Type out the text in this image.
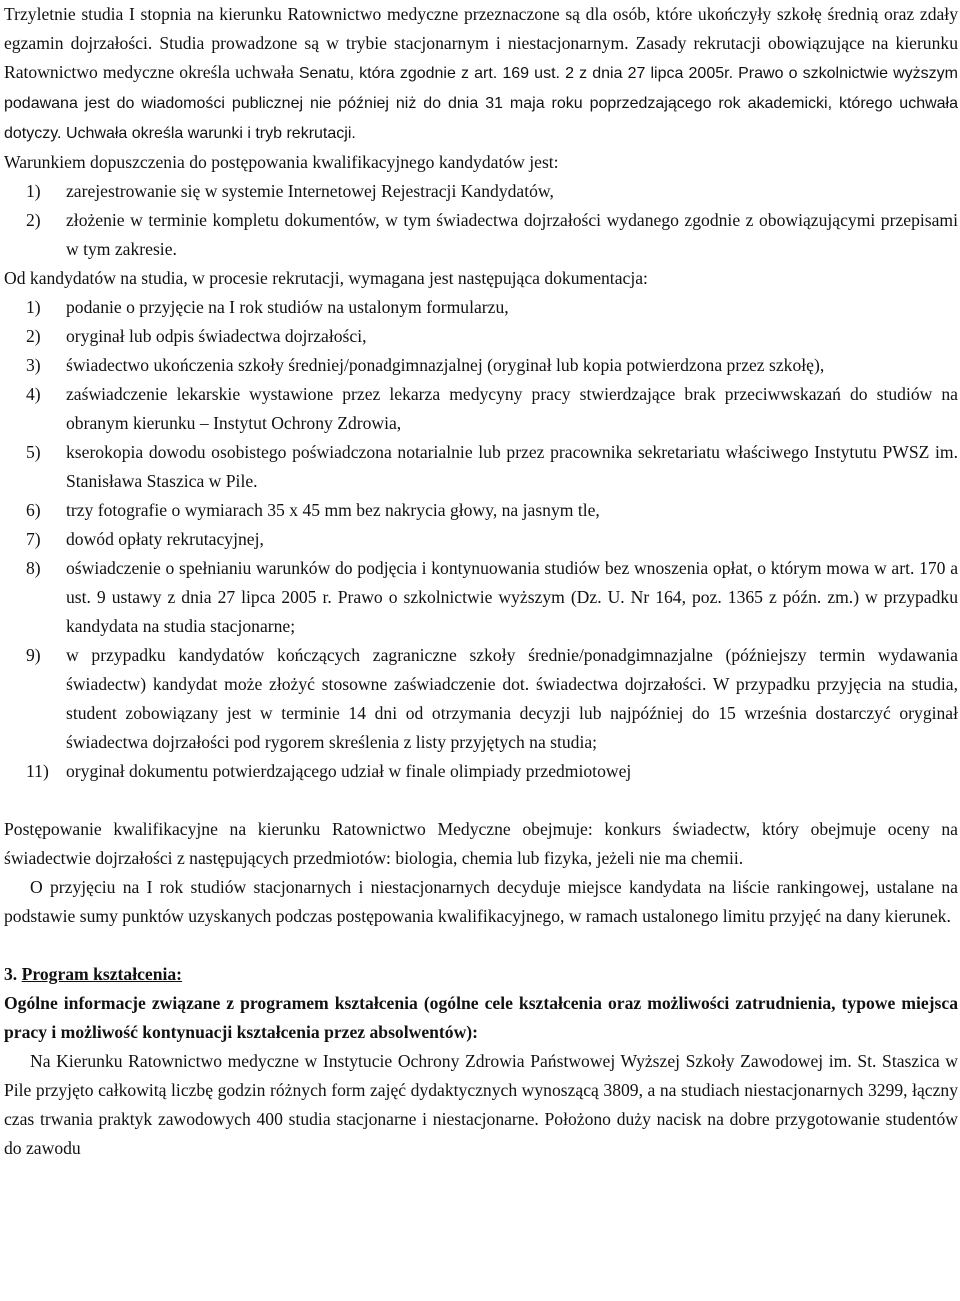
Trzyletnie studia I stopnia na kierunku Ratownictwo medyczne przeznaczone są dla osób, które ukończyły szkołę średnią oraz zdały egzamin dojrzałości. Studia prowadzone są w trybie stacjonarnym i niestacjonarnym. Zasady rekrutacji obowiązujące na kierunku Ratownictwo medyczne określa uchwała Senatu, która zgodnie z art. 169 ust. 2 z dnia 27 lipca 2005r. Prawo o szkolnictwie wyższym podawana jest do wiadomości publicznej nie później niż do dnia 31 maja roku poprzedzającego rok akademicki, którego uchwała dotyczy. Uchwała określa warunki i tryb rekrutacji.

Warunkiem dopuszczenia do postępowania kwalifikacyjnego kandydatów jest:

1) zarejestrowanie się w systemie Internetowej Rejestracji Kandydatów,
2) złożenie w terminie kompletu dokumentów, w tym świadectwa dojrzałości wydanego zgodnie z obowiązującymi przepisami w tym zakresie.

Od kandydatów na studia, w procesie rekrutacji, wymagana jest następująca dokumentacja:

1) podanie o przyjęcie na I rok studiów na ustalonym formularzu,
2) oryginał lub odpis świadectwa dojrzałości,
3) świadectwo ukończenia szkoły średniej/ponadgimnazjalnej (oryginał lub kopia potwierdzona przez szkołę),
4) zaświadczenie lekarskie wystawione przez lekarza medycyny pracy stwierdzające brak przeciwwskazań do studiów na obranym kierunku – Instytut Ochrony Zdrowia,
5) kserokopia dowodu osobistego poświadczona notarialnie lub przez pracownika sekretariatu właściwego Instytutu PWSZ im. Stanisława Staszica w Pile.
6) trzy fotografie o wymiarach 35 x 45 mm bez nakrycia głowy, na jasnym tle,
7) dowód opłaty rekrutacyjnej,
8) oświadczenie o spełnianiu warunków do podjęcia i kontynuowania studiów bez wnoszenia opłat, o którym mowa w art. 170 a ust. 9 ustawy z dnia 27 lipca 2005 r. Prawo o szkolnictwie wyższym (Dz. U. Nr 164, poz. 1365 z późn. zm.) w przypadku kandydata na studia stacjonarne;
9) w przypadku kandydatów kończących zagraniczne szkoły średnie/ponadgimnazjalne (późniejszy termin wydawania świadectw) kandydat może złożyć stosowne zaświadczenie dot. świadectwa dojrzałości. W przypadku przyjęcia na studia, student zobowiązany jest w terminie 14 dni od otrzymania decyzji lub najpóźniej do 15 września dostarczyć oryginał świadectwa dojrzałości pod rygorem skreślenia z listy przyjętych na studia;
11) oryginał dokumentu potwierdzającego udział w finale olimpiady przedmiotowej

Postępowanie kwalifikacyjne na kierunku Ratownictwo Medyczne obejmuje: konkurs świadectw, który obejmuje oceny na świadectwie dojrzałości z następujących przedmiotów: biologia, chemia lub fizyka, jeżeli nie ma chemii.

O przyjęciu na I rok studiów stacjonarnych i niestacjonarnych decyduje miejsce kandydata na liście rankingowej, ustalane na podstawie sumy punktów uzyskanych podczas postępowania kwalifikacyjnego, w ramach ustalonego limitu przyjęć na dany kierunek.

3. Program kształcenia:

Ogólne informacje związane z programem kształcenia (ogólne cele kształcenia oraz możliwości zatrudnienia, typowe miejsca pracy i możliwość kontynuacji kształcenia przez absolwentów):

Na Kierunku Ratownictwo medyczne w Instytucie Ochrony Zdrowia Państwowej Wyższej Szkoły Zawodowej im. St. Staszica w Pile przyjęto całkowitą liczbę godzin różnych form zajęć dydaktycznych wynoszącą 3809, a na studiach niestacjonarnych 3299, łączny czas trwania praktyk zawodowych 400 studia stacjonarne i niestacjonarne. Położono duży nacisk na dobre przygotowanie studentów do zawodu
